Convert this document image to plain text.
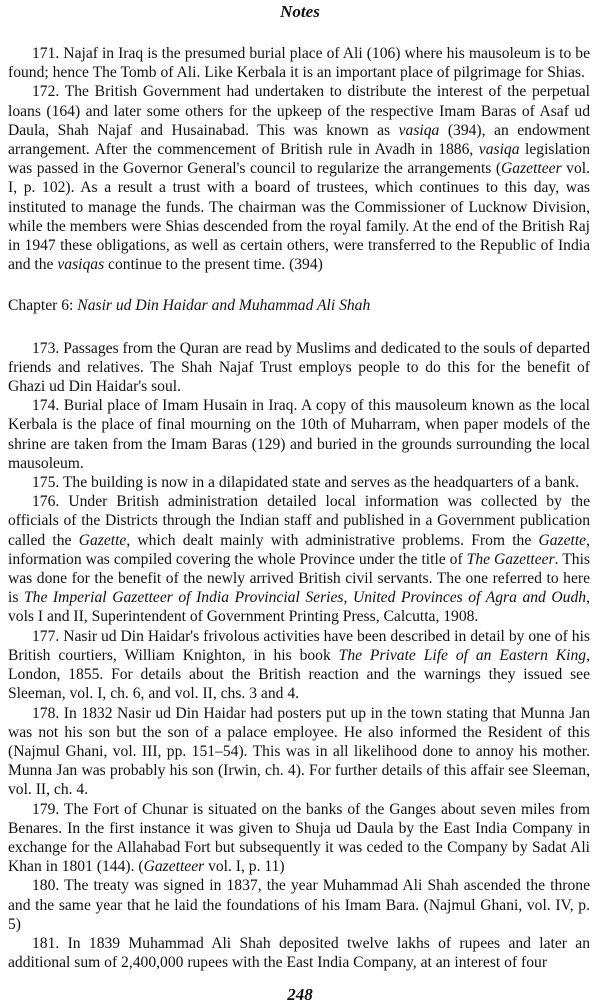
Notes

171. Najaf in Iraq is the presumed burial place of Ali (106) where his mausoleum is to be found; hence The Tomb of Ali. Like Kerbala it is an important place of pilgrimage for Shias.

172. The British Government had undertaken to distribute the interest of the perpetual loans (164) and later some others for the upkeep of the respective Imam Baras of Asaf ud Daula, Shah Najaf and Husainabad. This was known as vasiqa (394), an endowment arrangement. After the commencement of British rule in Avadh in 1886, vasiqa legislation was passed in the Governor General's council to regularize the arrangements (Gazetteer vol. I, p. 102). As a result a trust with a board of trustees, which continues to this day, was instituted to manage the funds. The chairman was the Commissioner of Lucknow Division, while the members were Shias descended from the royal family. At the end of the British Raj in 1947 these obligations, as well as certain others, were transferred to the Republic of India and the vasiqas continue to the present time. (394)

Chapter 6: Nasir ud Din Haidar and Muhammad Ali Shah

173. Passages from the Quran are read by Muslims and dedicated to the souls of departed friends and relatives. The Shah Najaf Trust employs people to do this for the benefit of Ghazi ud Din Haidar's soul.

174. Burial place of Imam Husain in Iraq. A copy of this mausoleum known as the local Kerbala is the place of final mourning on the 10th of Muharram, when paper models of the shrine are taken from the Imam Baras (129) and buried in the grounds surrounding the local mausoleum.

175. The building is now in a dilapidated state and serves as the headquarters of a bank.

176. Under British administration detailed local information was collected by the officials of the Districts through the Indian staff and published in a Government publication called the Gazette, which dealt mainly with administrative problems. From the Gazette, information was compiled covering the whole Province under the title of The Gazetteer. This was done for the benefit of the newly arrived British civil servants. The one referred to here is The Imperial Gazetteer of India Provincial Series, United Provinces of Agra and Oudh, vols I and II, Superintendent of Government Printing Press, Calcutta, 1908.

177. Nasir ud Din Haidar's frivolous activities have been described in detail by one of his British courtiers, William Knighton, in his book The Private Life of an Eastern King, London, 1855. For details about the British reaction and the warnings they issued see Sleeman, vol. I, ch. 6, and vol. II, chs. 3 and 4.

178. In 1832 Nasir ud Din Haidar had posters put up in the town stating that Munna Jan was not his son but the son of a palace employee. He also informed the Resident of this (Najmul Ghani, vol. III, pp. 151–54). This was in all likelihood done to annoy his mother. Munna Jan was probably his son (Irwin, ch. 4). For further details of this affair see Sleeman, vol. II, ch. 4.

179. The Fort of Chunar is situated on the banks of the Ganges about seven miles from Benares. In the first instance it was given to Shuja ud Daula by the East India Company in exchange for the Allahabad Fort but subsequently it was ceded to the Company by Sadat Ali Khan in 1801 (144). (Gazetteer vol. I, p. 11)

180. The treaty was signed in 1837, the year Muhammad Ali Shah ascended the throne and the same year that he laid the foundations of his Imam Bara. (Najmul Ghani, vol. IV, p. 5)

181. In 1839 Muhammad Ali Shah deposited twelve lakhs of rupees and later an additional sum of 2,400,000 rupees with the East India Company, at an interest of four

248
